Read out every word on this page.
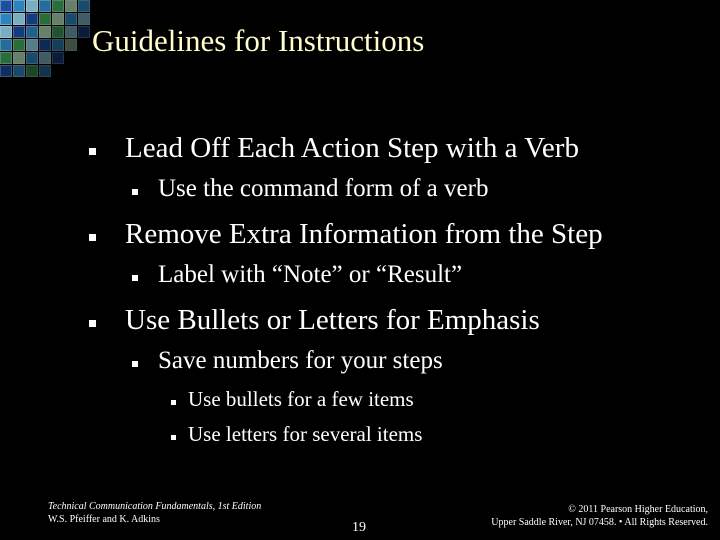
Guidelines for Instructions
Lead Off Each Action Step with a Verb
Use the command form of a verb
Remove Extra Information from the Step
Label with “Note” or “Result”
Use Bullets or Letters for Emphasis
Save numbers for your steps
Use bullets for a few items
Use letters for several items
Technical Communication Fundamentals, 1st Edition
W.S. Pfeiffer and K. Adkins
19
© 2011 Pearson Higher Education,
Upper Saddle River, NJ 07458. • All Rights Reserved.
